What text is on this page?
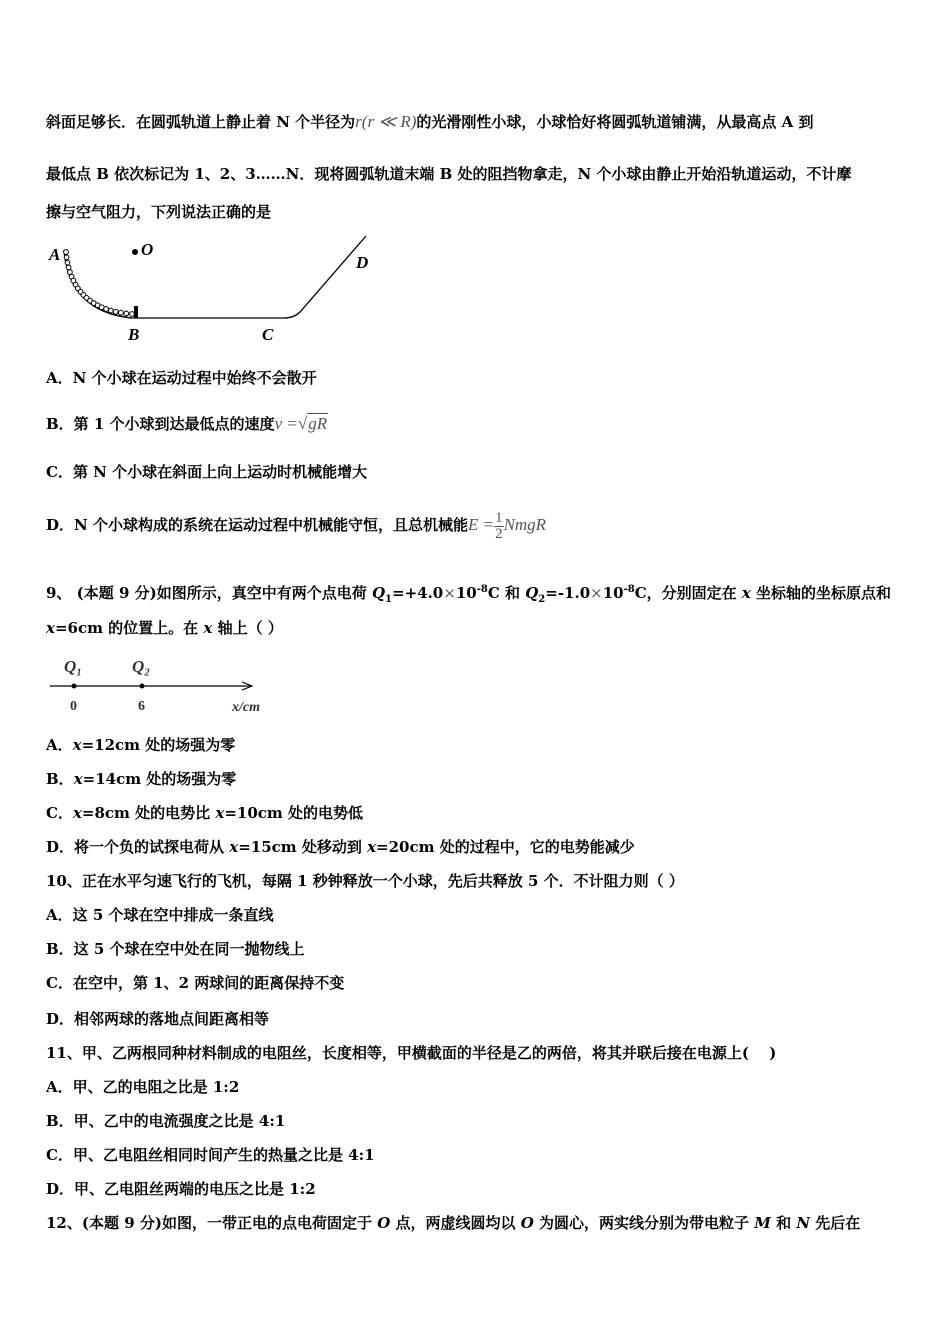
斜面足够长．在圆弧轨道上静止着 N 个半径为r(r ≪ R)的光滑刚性小球，小球恰好将圆弧轨道铺满，从最高点 A 到
最低点 B 依次标记为 1、2、3……N．现将圆弧轨道末端 B 处的阻挡物拿走，N 个小球由静止开始沿轨道运动，不计摩
擦与空气阻力，下列说法正确的是
A	O
B	C
D
A．N 个小球在运动过程中始终不会散开
B．第 1 个小球到达最低点的速度v =√gR
C．第 N 个小球在斜面上向上运动时机械能增大
D．N 个小球构成的系统在运动过程中机械能守恒，且总机械能$E = \frac{1}{2}$ NmgR
9、 (本题 9 分)如图所示，真空中有两个点电荷 $Q_1=+4.0\times 10^{-8}C$ 和 $Q_2=-1.0\times 10^{-8}C$，分别固定在 x 坐标轴的坐标原点和
x=6cm 的位置上。在 x 轴上（ ）
Q₁	Q₂
0	6	x/cm
A．x=12cm 处的场强为零
B．x=14cm 处的场强为零
C．x=8cm 处的电势比 x=10cm 处的电势低
D．将一个负的试探电荷从 x=15cm 处移动到 x=20cm 处的过程中，它的电势能减少
10、正在水平匀速飞行的飞机，每隔 1 秒钟释放一个小球，先后共释放 5 个．不计阻力则（ ）
A．这 5 个球在空中排成一条直线
B．这 5 个球在空中处在同一抛物线上
C．在空中，第 1、2 两球间的距离保持不变
D．相邻两球的落地点间距离相等
11、甲、乙两根同种材料制成的电阻丝，长度相等，甲横截面的半径是乙的两倍，将其并联后接在电源上(　 )
A．甲、乙的电阻之比是 1:2
B．甲、乙中的电流强度之比是 4:1
C．甲、乙电阻丝相同时间产生的热量之比是 4:1
D．甲、乙电阻丝两端的电压之比是 1:2
12、(本题 9 分)如图，一带正电的点电荷固定于 O 点，两虚线圆均以 O 为圆心，两实线分别为带电粒子 M 和 N 先后在
